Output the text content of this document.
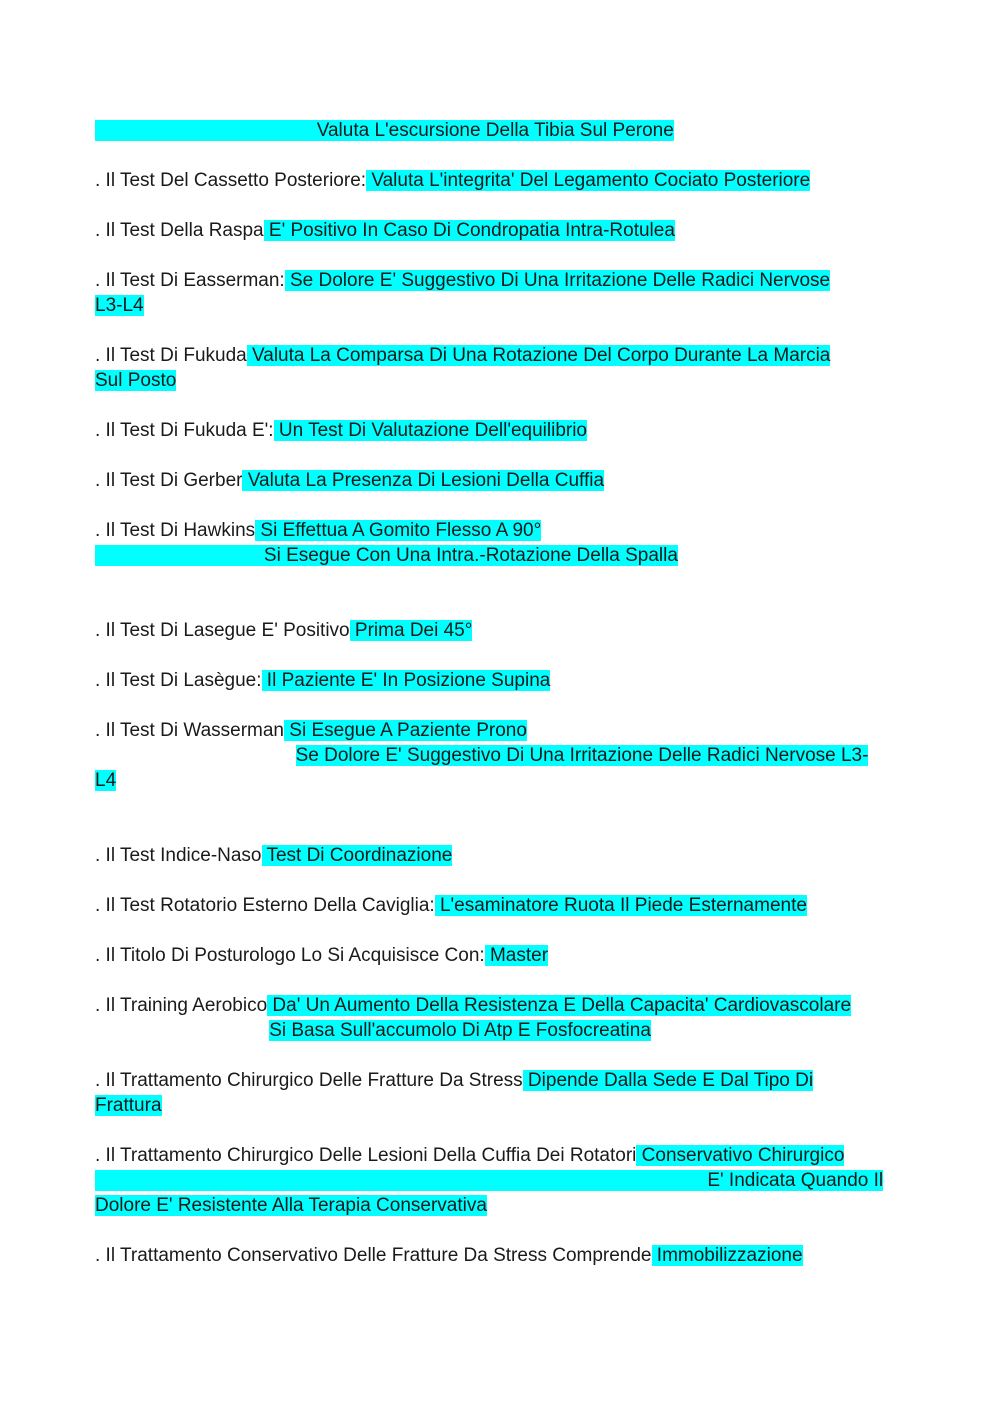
Valuta L'escursione Della Tibia Sul Perone
. Il Test Del Cassetto Posteriore: Valuta L'integrita' Del Legamento Cociato Posteriore
. Il Test Della Raspa E' Positivo In Caso Di Condropatia Intra-Rotulea
. Il Test Di Easserman: Se Dolore E' Suggestivo Di Una Irritazione Delle Radici Nervose
L3-L4
. Il Test Di Fukuda Valuta La Comparsa Di Una Rotazione Del Corpo Durante La Marcia
Sul Posto
. Il Test Di Fukuda E': Un Test Di Valutazione Dell'equilibrio
. Il Test Di Gerber Valuta La Presenza Di Lesioni Della Cuffia
. Il Test Di Hawkins Si Effettua A Gomito Flesso A 90°
Si Esegue Con Una Intra.-Rotazione Della Spalla
. Il Test Di Lasegue E' Positivo Prima Dei 45°
. Il Test Di Lasègue: Il Paziente E' In Posizione Supina
. Il Test Di Wasserman Si Esegue A Paziente Prono
Se Dolore E' Suggestivo Di Una Irritazione Delle Radici Nervose L3-
L4
. Il Test Indice-Naso Test Di Coordinazione
. Il Test Rotatorio Esterno Della Caviglia: L'esaminatore Ruota Il Piede Esternamente
. Il Titolo Di Posturologo Lo Si Acquisisce Con: Master
. Il Training Aerobico Da' Un Aumento Della Resistenza E Della Capacita' Cardiovascolare
Si Basa Sull'accumolo Di Atp E Fosfocreatina
. Il Trattamento Chirurgico Delle Fratture Da Stress Dipende Dalla Sede E Dal Tipo Di
Frattura
. Il Trattamento Chirurgico Delle Lesioni Della Cuffia Dei Rotatori Conservativo Chirurgico
E' Indicata Quando Il
Dolore E' Resistente Alla Terapia Conservativa
. Il Trattamento Conservativo Delle Fratture Da Stress Comprende Immobilizzazione
